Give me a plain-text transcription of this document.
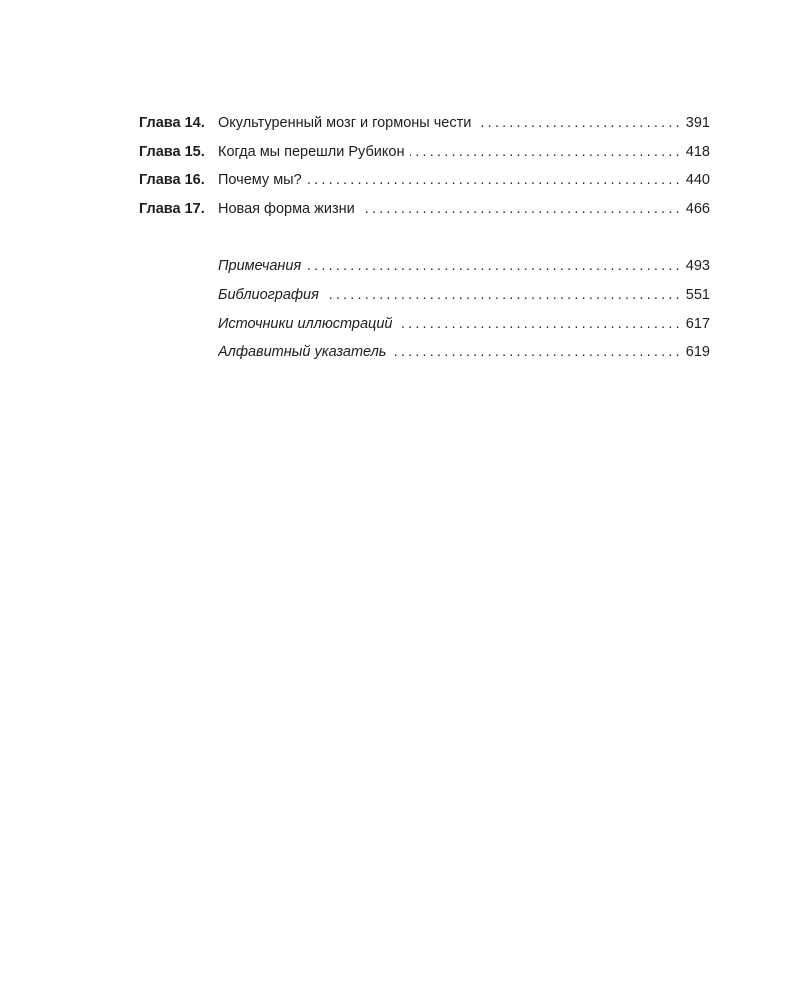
Глава 14. Окультуренный мозг и гормоны чести .....	391
Глава 15. Когда мы перешли Рубикон .....	418
Глава 16. Почему мы? .....	440
Глава 17. Новая форма жизни .....	466
Примечания .....	493
Библиография .....	551
Источники иллюстраций .....	617
Алфавитный указатель .....	619
